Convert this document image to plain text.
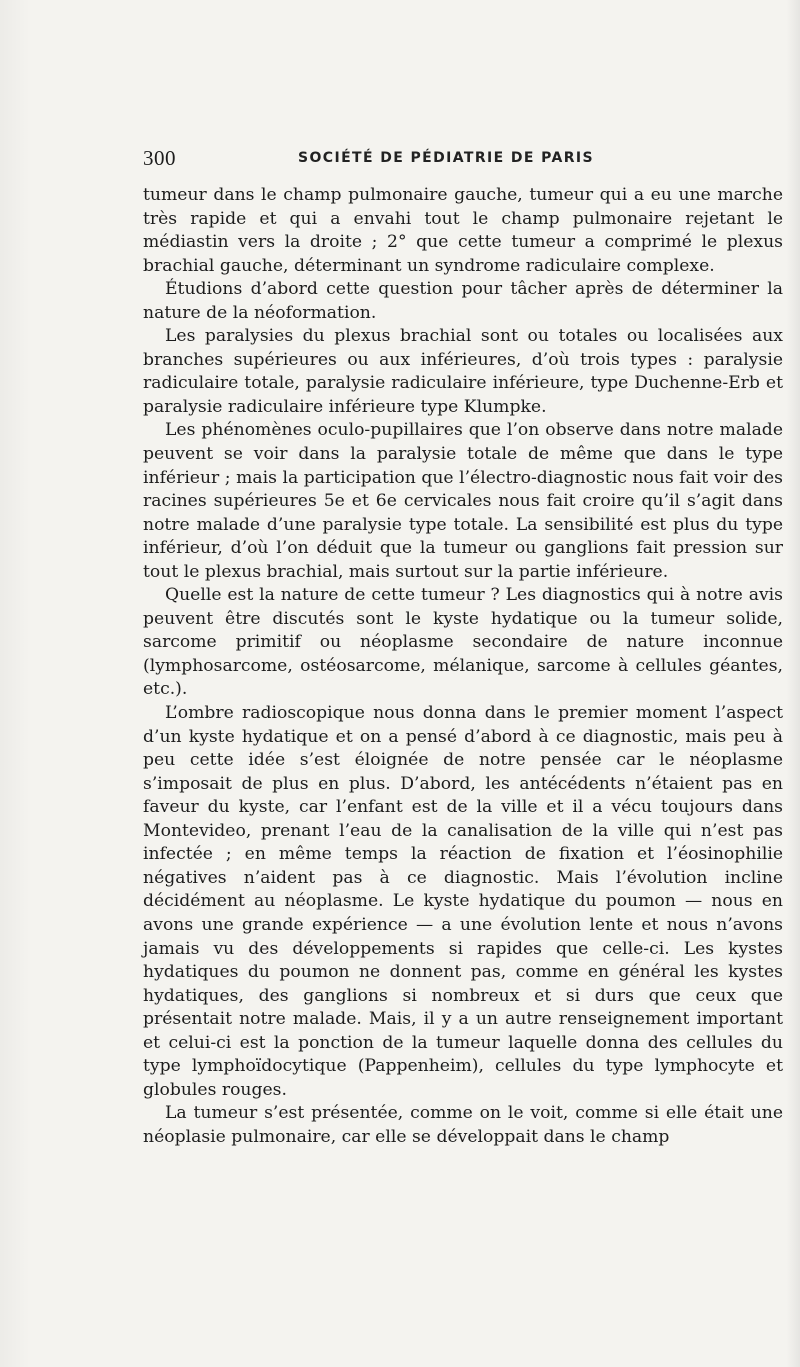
300	SOCIÉTÉ DE PÉDIATRIE DE PARIS

tumeur dans le champ pulmonaire gauche, tumeur qui a eu une marche très rapide et qui a envahi tout le champ pulmonaire rejetant le médiastin vers la droite ; 2° que cette tumeur a comprimé le plexus brachial gauche, déterminant un syndrome radiculaire complexe.

Étudions d’abord cette question pour tâcher après de déterminer la nature de la néoformation.

Les paralysies du plexus brachial sont ou totales ou localisées aux branches supérieures ou aux inférieures, d’où trois types : paralysie radiculaire totale, paralysie radiculaire inférieure, type Duchenne-Erb et paralysie radiculaire inférieure type Klumpke.

Les phénomènes oculo-pupillaires que l’on observe dans notre malade peuvent se voir dans la paralysie totale de même que dans le type inférieur ; mais la participation que l’électro-diagnostic nous fait voir des racines supérieures 5e et 6e cervicales nous fait croire qu’il s’agit dans notre malade d’une paralysie type totale. La sensibilité est plus du type inférieur, d’où l’on déduit que la tumeur ou ganglions fait pression sur tout le plexus brachial, mais surtout sur la partie inférieure.

Quelle est la nature de cette tumeur ? Les diagnostics qui à notre avis peuvent être discutés sont le kyste hydatique ou la tumeur solide, sarcome primitif ou néoplasme secondaire de nature inconnue (lymphosarcome, ostéosarcome, mélanique, sarcome à cellules géantes, etc.).

L’ombre radioscopique nous donna dans le premier moment l’aspect d’un kyste hydatique et on a pensé d’abord à ce diagnostic, mais peu à peu cette idée s’est éloignée de notre pensée car le néoplasme s’imposait de plus en plus. D’abord, les antécédents n’étaient pas en faveur du kyste, car l’enfant est de la ville et il a vécu toujours dans Montevideo, prenant l’eau de la canalisation de la ville qui n’est pas infectée ; en même temps la réaction de fixation et l’éosinophilie négatives n’aident pas à ce diagnostic. Mais l’évolution incline décidément au néoplasme. Le kyste hydatique du poumon — nous en avons une grande expérience — a une évolution lente et nous n’avons jamais vu des développements si rapides que celle-ci. Les kystes hydatiques du poumon ne donnent pas, comme en général les kystes hydatiques, des ganglions si nombreux et si durs que ceux que présentait notre malade. Mais, il y a un autre renseignement important et celui-ci est la ponction de la tumeur laquelle donna des cellules du type lymphoïdocytique (Pappenheim), cellules du type lymphocyte et globules rouges.

La tumeur s’est présentée, comme on le voit, comme si elle était une néoplasie pulmonaire, car elle se développait dans le champ
